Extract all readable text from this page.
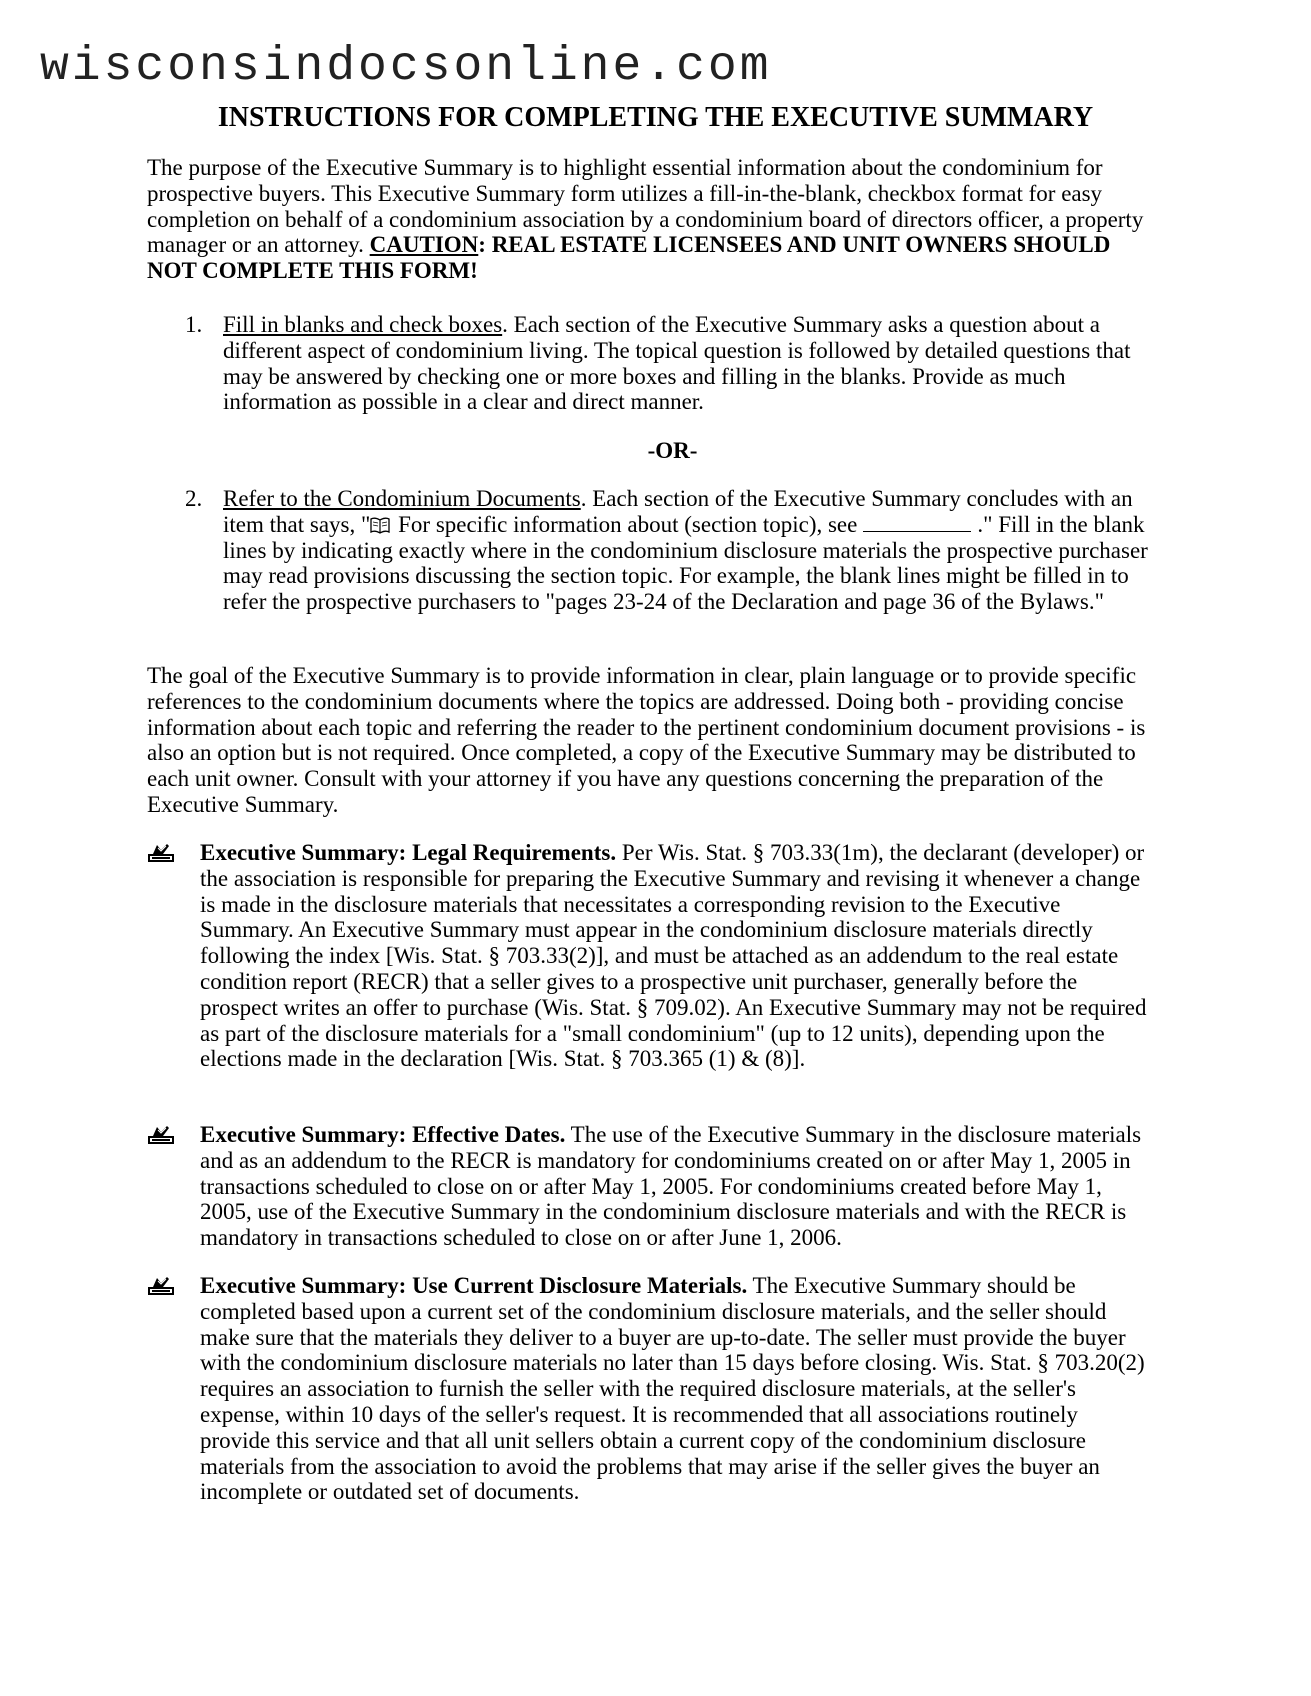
wisconsindocsonline.com
INSTRUCTIONS FOR COMPLETING THE EXECUTIVE SUMMARY
The purpose of the Executive Summary is to highlight essential information about the condominium for prospective buyers. This Executive Summary form utilizes a fill-in-the-blank, checkbox format for easy completion on behalf of a condominium association by a condominium board of directors officer, a property manager or an attorney. CAUTION: REAL ESTATE LICENSEES AND UNIT OWNERS SHOULD NOT COMPLETE THIS FORM!
1. Fill in blanks and check boxes. Each section of the Executive Summary asks a question about a different aspect of condominium living. The topical question is followed by detailed questions that may be answered by checking one or more boxes and filling in the blanks. Provide as much information as possible in a clear and direct manner.
-OR-
2. Refer to the Condominium Documents. Each section of the Executive Summary concludes with an item that says, " For specific information about (section topic), see	." Fill in the blank lines by indicating exactly where in the condominium disclosure materials the prospective purchaser may read provisions discussing the section topic. For example, the blank lines might be filled in to refer the prospective purchasers to "pages 23-24 of the Declaration and page 36 of the Bylaws."
The goal of the Executive Summary is to provide information in clear, plain language or to provide specific references to the condominium documents where the topics are addressed. Doing both - providing concise information about each topic and referring the reader to the pertinent condominium document provisions - is also an option but is not required. Once completed, a copy of the Executive Summary may be distributed to each unit owner. Consult with your attorney if you have any questions concerning the preparation of the Executive Summary.
Executive Summary: Legal Requirements. Per Wis. Stat. § 703.33(1m), the declarant (developer) or the association is responsible for preparing the Executive Summary and revising it whenever a change is made in the disclosure materials that necessitates a corresponding revision to the Executive Summary. An Executive Summary must appear in the condominium disclosure materials directly following the index [Wis. Stat. § 703.33(2)], and must be attached as an addendum to the real estate condition report (RECR) that a seller gives to a prospective unit purchaser, generally before the prospect writes an offer to purchase (Wis. Stat. § 709.02). An Executive Summary may not be required as part of the disclosure materials for a "small condominium" (up to 12 units), depending upon the elections made in the declaration [Wis. Stat. § 703.365 (1) & (8)].
Executive Summary: Effective Dates. The use of the Executive Summary in the disclosure materials and as an addendum to the RECR is mandatory for condominiums created on or after May 1, 2005 in transactions scheduled to close on or after May 1, 2005. For condominiums created before May 1, 2005, use of the Executive Summary in the condominium disclosure materials and with the RECR is mandatory in transactions scheduled to close on or after June 1, 2006.
Executive Summary: Use Current Disclosure Materials. The Executive Summary should be completed based upon a current set of the condominium disclosure materials, and the seller should make sure that the materials they deliver to a buyer are up-to-date. The seller must provide the buyer with the condominium disclosure materials no later than 15 days before closing. Wis. Stat. § 703.20(2) requires an association to furnish the seller with the required disclosure materials, at the seller's expense, within 10 days of the seller's request. It is recommended that all associations routinely provide this service and that all unit sellers obtain a current copy of the condominium disclosure materials from the association to avoid the problems that may arise if the seller gives the buyer an incomplete or outdated set of documents.
